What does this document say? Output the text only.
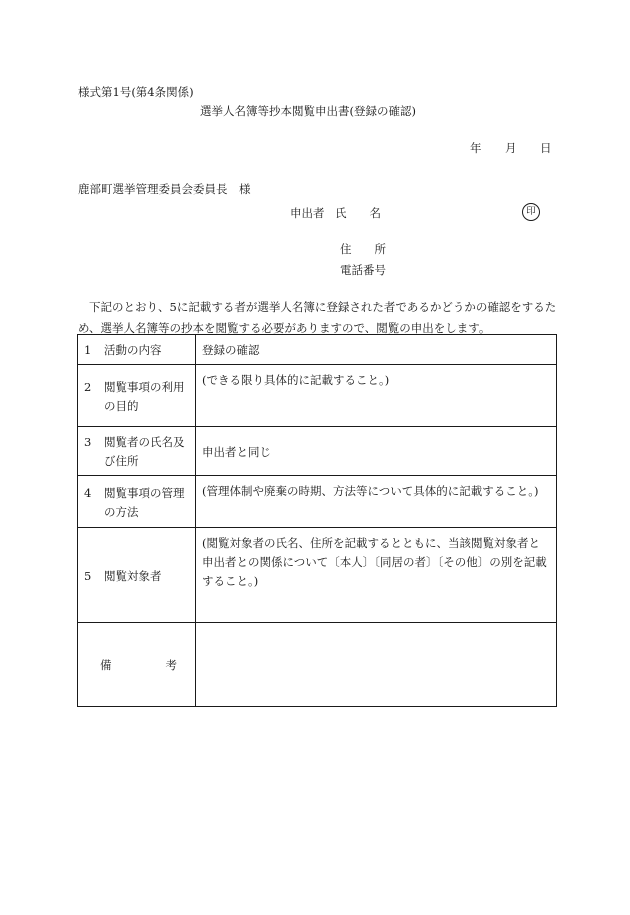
様式第1号(第4条関係)
選挙人名簿等抄本閲覧申出書(登録の確認)
年 月 日
鹿部町選挙管理委員会委員長　様
申出者 氏　　名	印
住　　所
電話番号
下記のとおり、5に記載する者が選挙人名簿に登録された者であるかどうかの確認をするため、選挙人名簿等の抄本を閲覧する必要がありますので、閲覧の申出をします。
1 活動の内容	登録の確認

2 閲覧事項の利用の目的	(できる限り具体的に記載すること。)

3 閲覧者の氏名及び住所	申出者と同じ

4 閲覧事項の管理の方法	(管理体制や廃棄の時期、方法等について具体的に記載すること。)

5 閲覧対象者	(閲覧対象者の氏名、住所を記載するとともに、当該閲覧対象者と申出者との関係について〔本人〕〔同居の者〕〔その他〕の別を記載すること。)

備 考	
